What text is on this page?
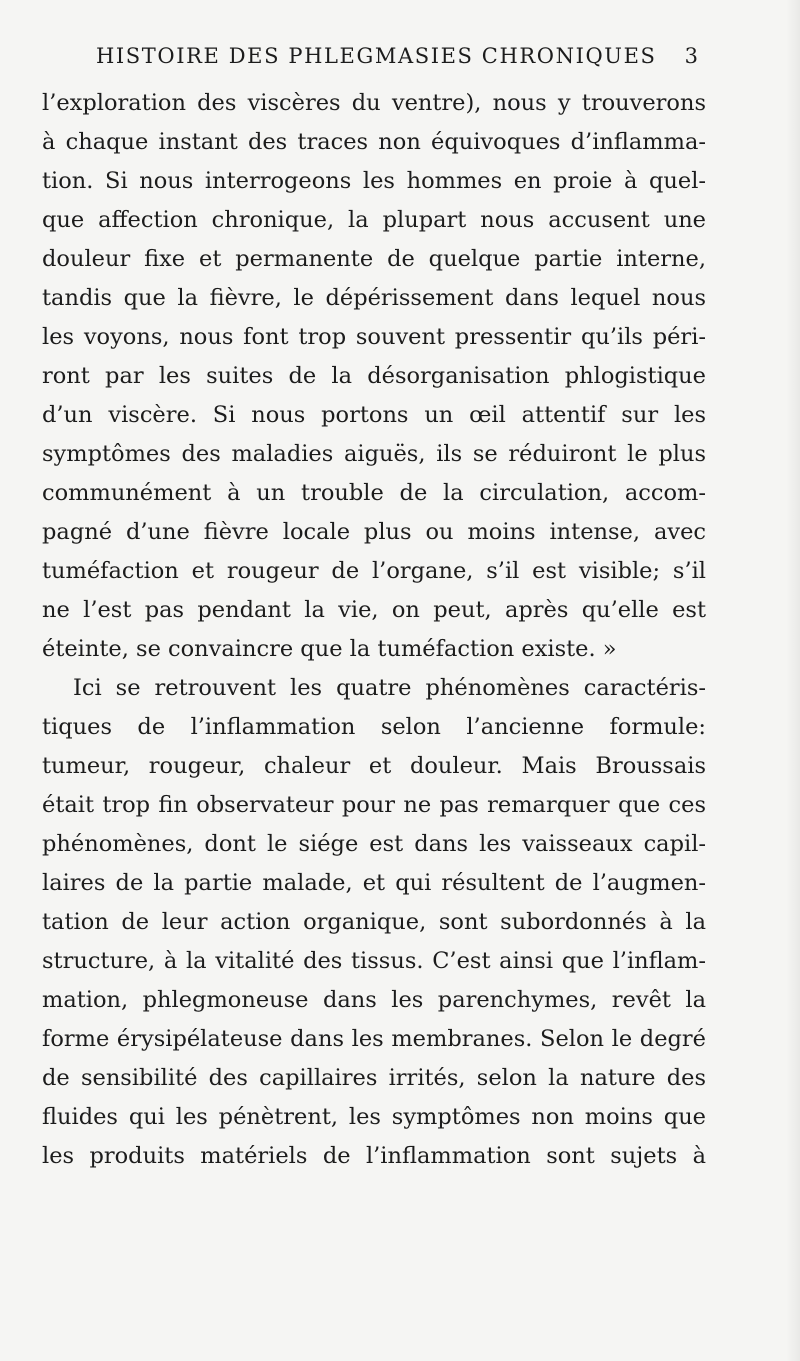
HISTOIRE DES PHLEGMASIES CHRONIQUES 3
l’exploration des viscères du ventre), nous y trouverons
à chaque instant des traces non équivoques d’inflamma-
tion. Si nous interrogeons les hommes en proie à quel-
que affection chronique, la plupart nous accusent une
douleur fixe et permanente de quelque partie interne,
tandis que la fièvre, le dépérissement dans lequel nous
les voyons, nous font trop souvent pressentir qu’ils péri-
ront par les suites de la désorganisation phlogistique
d’un viscère. Si nous portons un œil attentif sur les
symptômes des maladies aiguës, ils se réduiront le plus
communément à un trouble de la circulation, accom-
pagné d’une fièvre locale plus ou moins intense, avec
tuméfaction et rougeur de l’organe, s’il est visible; s’il
ne l’est pas pendant la vie, on peut, après qu’elle est
éteinte, se convaincre que la tuméfaction existe. »
Ici se retrouvent les quatre phénomènes caractéris-
tiques de l’inflammation selon l’ancienne formule:
tumeur, rougeur, chaleur et douleur. Mais Broussais
était trop fin observateur pour ne pas remarquer que ces
phénomènes, dont le siége est dans les vaisseaux capil-
laires de la partie malade, et qui résultent de l’augmen-
tation de leur action organique, sont subordonnés à la
structure, à la vitalité des tissus. C’est ainsi que l’inflam-
mation, phlegmoneuse dans les parenchymes, revêt la
forme érysipélateuse dans les membranes. Selon le degré
de sensibilité des capillaires irrités, selon la nature des
fluides qui les pénètrent, les symptômes non moins que
les produits matériels de l’inflammation sont sujets à
